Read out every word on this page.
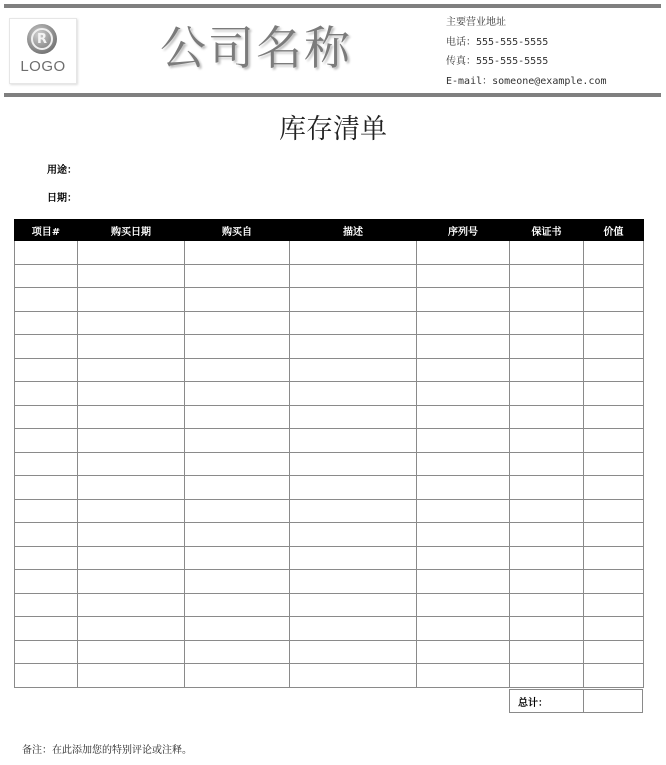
R
LOGO 公司名称	主要营业地址
电话：555-555-5555
传真：555-555-5555
E-mail：someone@example.com
库存清单
用途：
日期：
项目#	购买日期	购买自	描述	序列号	保证书	价值

总计：	
备注：在此添加您的特别评论或注释。
